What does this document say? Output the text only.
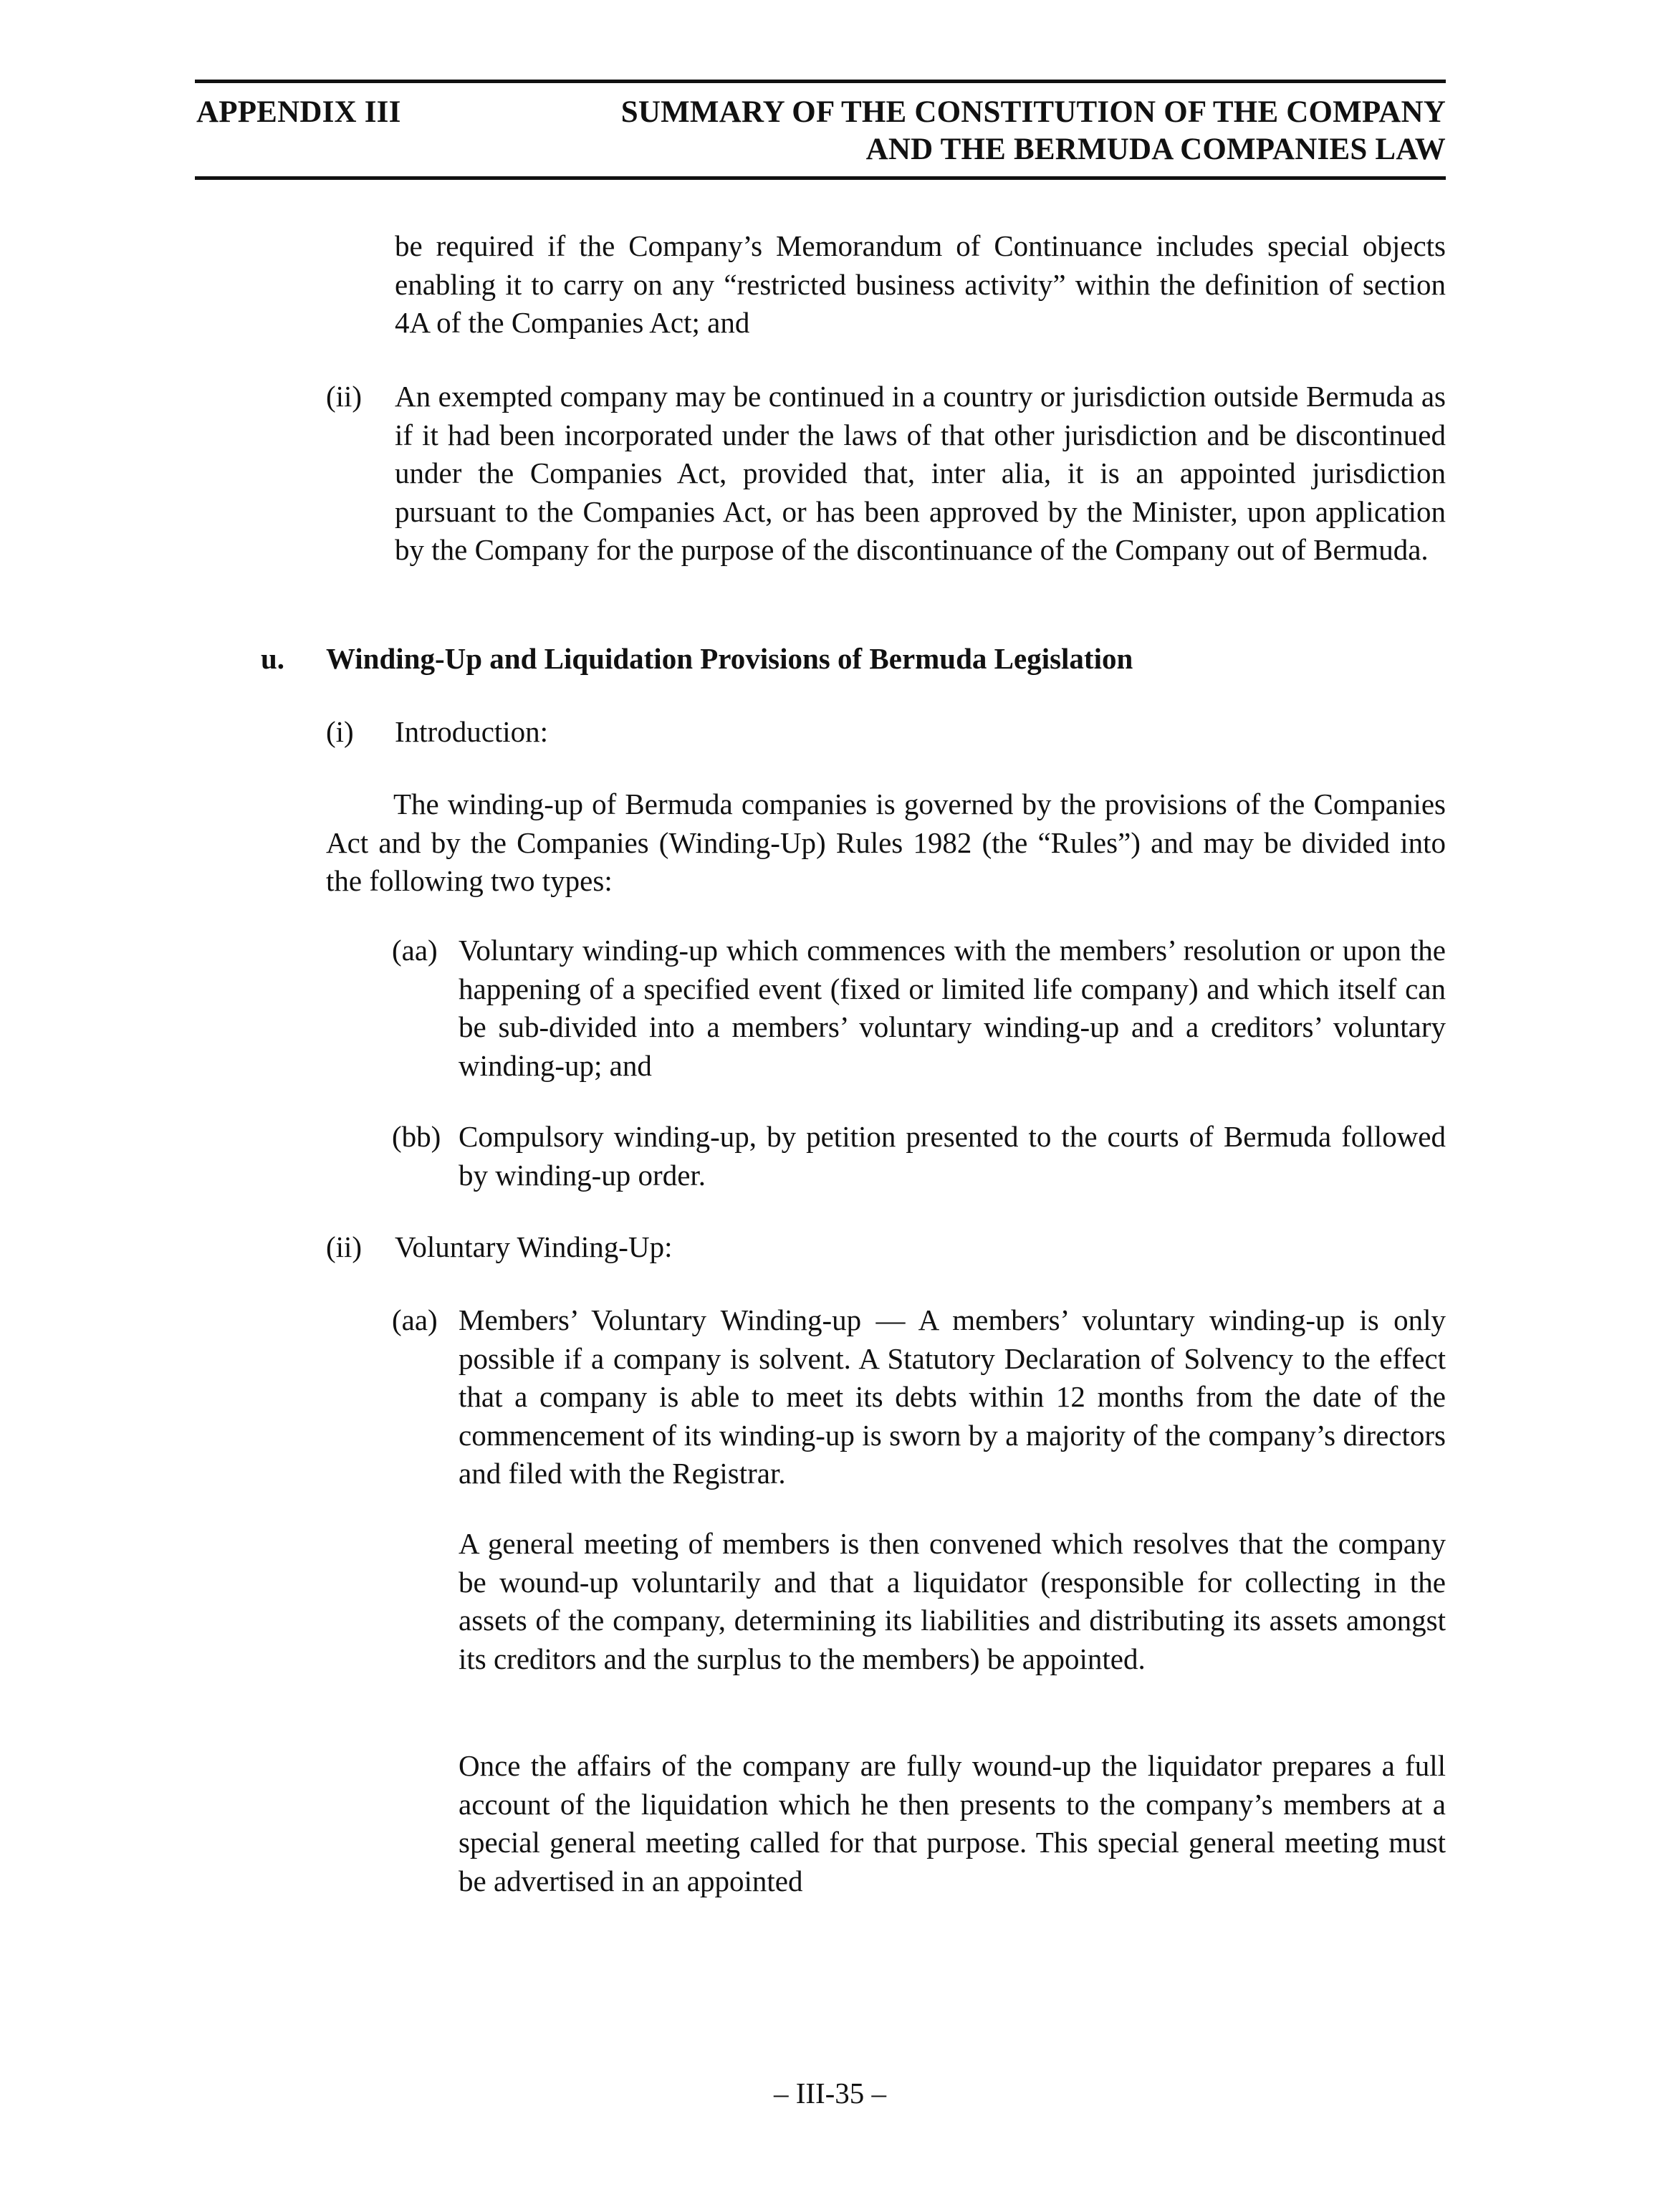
APPENDIX III	SUMMARY OF THE CONSTITUTION OF THE COMPANY
AND THE BERMUDA COMPANIES LAW
be required if the Company’s Memorandum of Continuance includes special objects enabling it to carry on any “restricted business activity” within the definition of section 4A of the Companies Act; and
(ii) An exempted company may be continued in a country or jurisdiction outside Bermuda as if it had been incorporated under the laws of that other jurisdiction and be discontinued under the Companies Act, provided that, inter alia, it is an appointed jurisdiction pursuant to the Companies Act, or has been approved by the Minister, upon application by the Company for the purpose of the discontinuance of the Company out of Bermuda.
u. Winding-Up and Liquidation Provisions of Bermuda Legislation
(i) Introduction:
The winding-up of Bermuda companies is governed by the provisions of the Companies Act and by the Companies (Winding-Up) Rules 1982 (the “Rules”) and may be divided into the following two types:
(aa) Voluntary winding-up which commences with the members’ resolution or upon the happening of a specified event (fixed or limited life company) and which itself can be sub-divided into a members’ voluntary winding-up and a creditors’ voluntary winding-up; and
(bb) Compulsory winding-up, by petition presented to the courts of Bermuda followed by winding-up order.
(ii) Voluntary Winding-Up:
(aa) Members’ Voluntary Winding-up — A members’ voluntary winding-up is only possible if a company is solvent. A Statutory Declaration of Solvency to the effect that a company is able to meet its debts within 12 months from the date of the commencement of its winding-up is sworn by a majority of the company’s directors and filed with the Registrar.
A general meeting of members is then convened which resolves that the company be wound-up voluntarily and that a liquidator (responsible for collecting in the assets of the company, determining its liabilities and distributing its assets amongst its creditors and the surplus to the members) be appointed.
Once the affairs of the company are fully wound-up the liquidator prepares a full account of the liquidation which he then presents to the company’s members at a special general meeting called for that purpose. This special general meeting must be advertised in an appointed
– III-35 –
